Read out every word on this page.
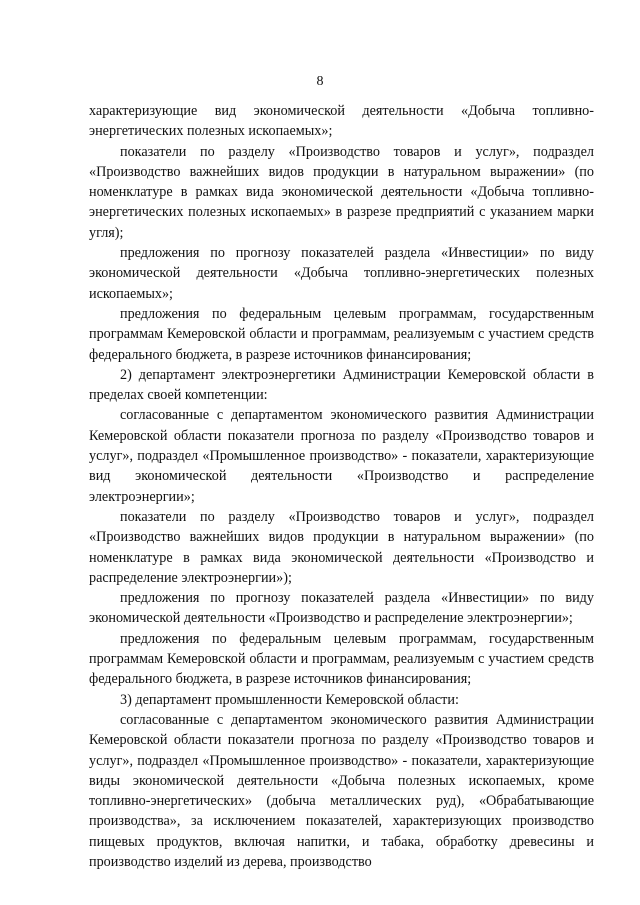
8

характеризующие вид экономической деятельности «Добыча топливно-энергетических полезных ископаемых»;

показатели по разделу «Производство товаров и услуг», подраздел «Производство важнейших видов продукции в натуральном выражении» (по номенклатуре в рамках вида экономической деятельности «Добыча топливно-энергетических полезных ископаемых» в разрезе предприятий с указанием марки угля);

предложения по прогнозу показателей раздела «Инвестиции» по виду экономической деятельности «Добыча топливно-энергетических полезных ископаемых»;

предложения по федеральным целевым программам, государственным программам Кемеровской области и программам, реализуемым с участием средств федерального бюджета, в разрезе источников финансирования;

2) департамент электроэнергетики Администрации Кемеровской области в пределах своей компетенции:

согласованные с департаментом экономического развития Администрации Кемеровской области показатели прогноза по разделу «Производство товаров и услуг», подраздел «Промышленное производство» - показатели, характеризующие вид экономической деятельности «Производство и распределение электроэнергии»;

показатели по разделу «Производство товаров и услуг», подраздел «Производство важнейших видов продукции в натуральном выражении» (по номенклатуре в рамках вида экономической деятельности «Производство и распределение электроэнергии»);

предложения по прогнозу показателей раздела «Инвестиции» по виду экономической деятельности «Производство и распределение электроэнергии»;

предложения по федеральным целевым программам, государственным программам Кемеровской области и программам, реализуемым с участием средств федерального бюджета, в разрезе источников финансирования;

3) департамент промышленности Кемеровской области:

согласованные с департаментом экономического развития Администрации Кемеровской области показатели прогноза по разделу «Производство товаров и услуг», подраздел «Промышленное производство» - показатели, характеризующие виды экономической деятельности «Добыча полезных ископаемых, кроме топливно-энергетических» (добыча металлических руд), «Обрабатывающие производства», за исключением показателей, характеризующих производство пищевых продуктов, включая напитки, и табака, обработку древесины и производство изделий из дерева, производство
